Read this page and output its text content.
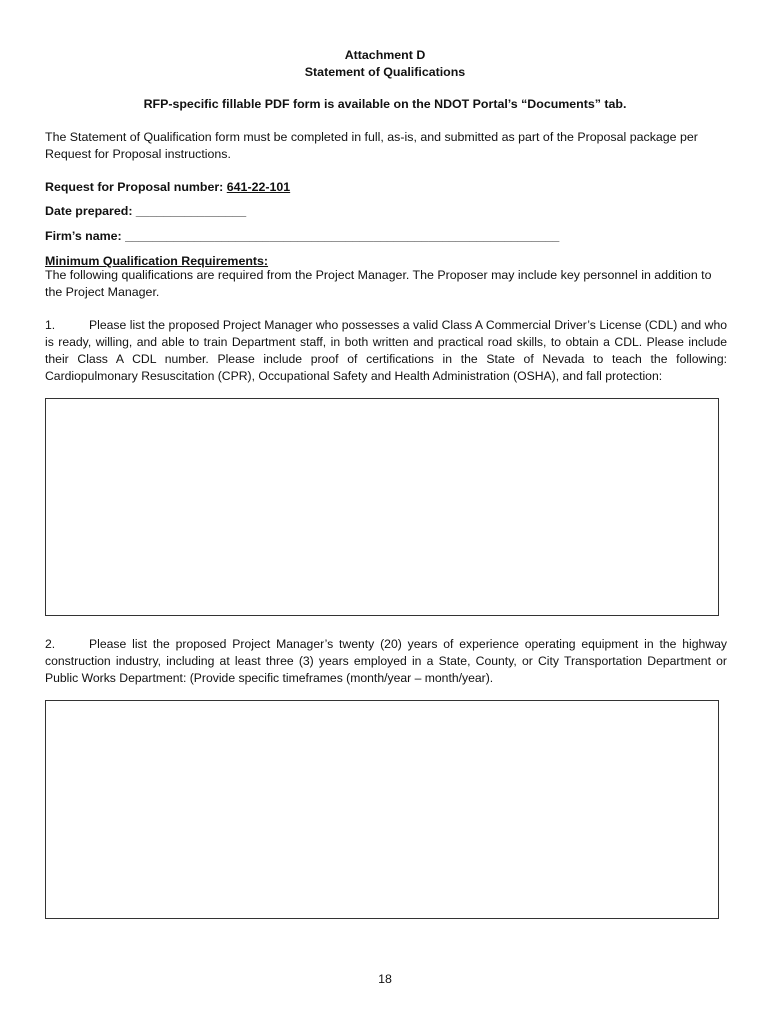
Attachment D
Statement of Qualifications
RFP-specific fillable PDF form is available on the NDOT Portal’s “Documents” tab.
The Statement of Qualification form must be completed in full, as-is, and submitted as part of the Proposal package per Request for Proposal instructions.
Request for Proposal number: 641-22-101
Date prepared: ________________
Firm’s name: _______________________________________________________________
Minimum Qualification Requirements:
The following qualifications are required from the Project Manager. The Proposer may include key personnel in addition to the Project Manager.
1.	Please list the proposed Project Manager who possesses a valid Class A Commercial Driver’s License (CDL) and who is ready, willing, and able to train Department staff, in both written and practical road skills, to obtain a CDL. Please include their Class A CDL number. Please include proof of certifications in the State of Nevada to teach the following: Cardiopulmonary Resuscitation (CPR), Occupational Safety and Health Administration (OSHA), and fall protection:
2.	Please list the proposed Project Manager’s twenty (20) years of experience operating equipment in the highway construction industry, including at least three (3) years employed in a State, County, or City Transportation Department or Public Works Department: (Provide specific timeframes (month/year – month/year).
18
